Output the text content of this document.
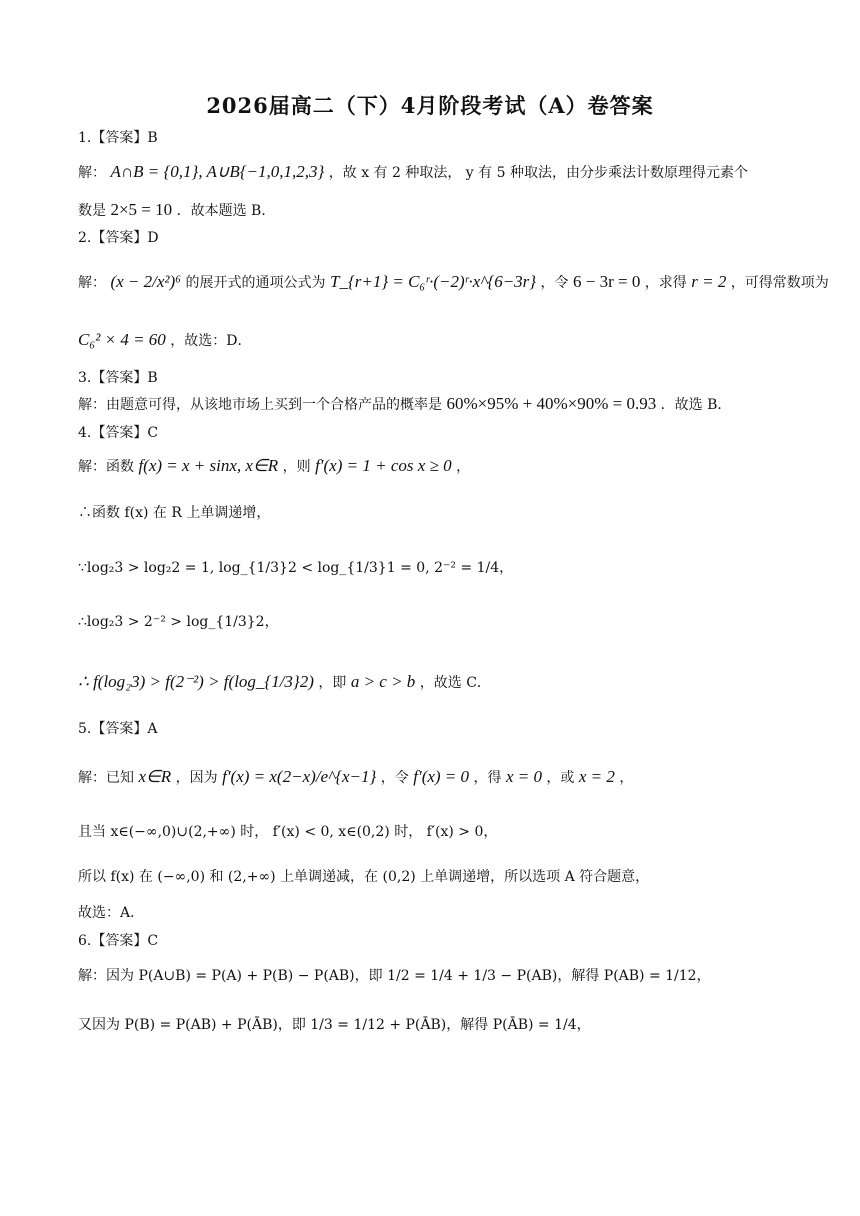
2026届高二（下）4月阶段考试（A）卷答案
1.【答案】B
解： A∩B = {0,1}, A∪B{−1,0,1,2,3} ，故 x 有 2 种取法， y 有 5 种取法，由分步乘法计数原理得元素个
数是 2×5 = 10 ．故本题选 B．
2.【答案】D
解： (x − 2/x²)⁶ 的展开式的通项公式为 T_{r+1} = C₆ʳ·(−2)ʳ·x^{6−3r} ，令 6 − 3r = 0 ，求得 r = 2 ，可得常数项为
C₆² × 4 = 60 ，故选：D．
3.【答案】B
解：由题意可得，从该地市场上买到一个合格产品的概率是 60%×95% + 40%×90% = 0.93 ．故选 B．
4.【答案】C
解：函数 f(x) = x + sinx, x∈R ，则 f′(x) = 1 + cos x ≥ 0 ，
∴函数 f(x) 在 R 上单调递增，
∵log₂3 > log₂2 = 1, log_{1/3}2 < log_{1/3}1 = 0, 2⁻² = 1/4，
∴log₂3 > 2⁻² > log_{1/3}2，
∴ f(log₂3) > f(2⁻²) > f(log_{1/3}2) ，即 a > c > b ，故选 C．
5.【答案】A
解：已知 x∈R ，因为 f′(x) = x(2−x)/e^{x−1} ，令 f′(x) = 0 ，得 x = 0 ，或 x = 2 ，
且当 x∈(−∞,0)∪(2,+∞) 时， f′(x) < 0, x∈(0,2) 时， f′(x) > 0，
所以 f(x) 在 (−∞,0) 和 (2,+∞) 上单调递减，在 (0,2) 上单调递增，所以选项 A 符合题意，
故选：A．
6.【答案】C
解：因为 P(A∪B) = P(A) + P(B) − P(AB)，即 1/2 = 1/4 + 1/3 − P(AB)，解得 P(AB) = 1/12，
又因为 P(B) = P(AB) + P(ĀB)，即 1/3 = 1/12 + P(ĀB)，解得 P(ĀB) = 1/4，
